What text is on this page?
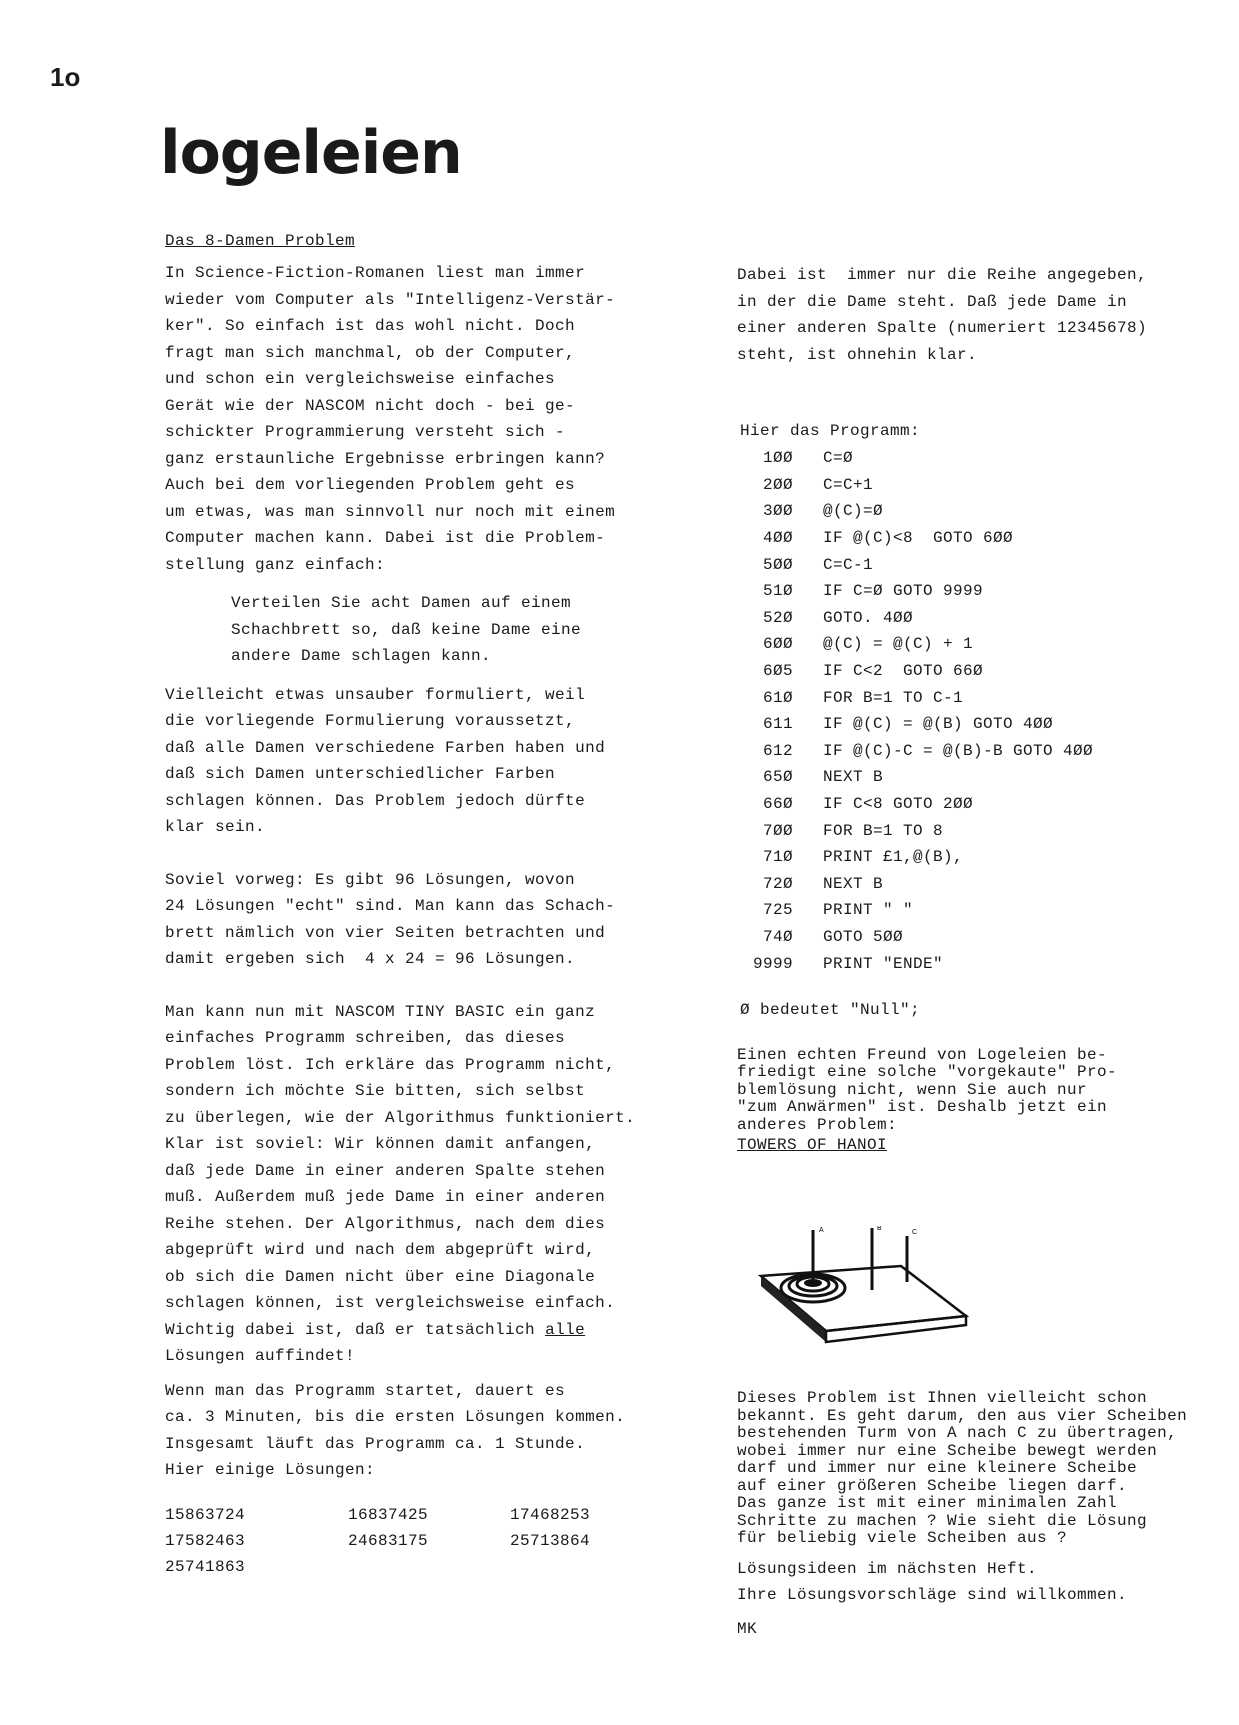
1o
logeleien
Das 8-Damen Problem
In Science-Fiction-Romanen liest man immer
wieder vom Computer als "Intelligenz-Verstär-
ker". So einfach ist das wohl nicht. Doch
fragt man sich manchmal, ob der Computer,
und schon ein vergleichsweise einfaches
Gerät wie der NASCOM nicht doch - bei ge-
schickter Programmierung versteht sich -
ganz erstaunliche Ergebnisse erbringen kann?
Auch bei dem vorliegenden Problem geht es
um etwas, was man sinnvoll nur noch mit einem
Computer machen kann. Dabei ist die Problem-
stellung ganz einfach:
Verteilen Sie acht Damen auf einem
Schachbrett so, daß keine Dame eine
andere Dame schlagen kann.
Vielleicht etwas unsauber formuliert, weil
die vorliegende Formulierung voraussetzt,
daß alle Damen verschiedene Farben haben und
daß sich Damen unterschiedlicher Farben
schlagen können. Das Problem jedoch dürfte
klar sein.
Soviel vorweg: Es gibt 96 Lösungen, wovon
24 Lösungen "echt" sind. Man kann das Schach-
brett nämlich von vier Seiten betrachten und
damit ergeben sich  4 x 24 = 96 Lösungen.
Man kann nun mit NASCOM TINY BASIC ein ganz
einfaches Programm schreiben, das dieses
Problem löst. Ich erkläre das Programm nicht,
sondern ich möchte Sie bitten, sich selbst
zu überlegen, wie der Algorithmus funktioniert.
Klar ist soviel: Wir können damit anfangen,
daß jede Dame in einer anderen Spalte stehen
muß. Außerdem muß jede Dame in einer anderen
Reihe stehen. Der Algorithmus, nach dem dies
abgeprüft wird und nach dem abgeprüft wird,
ob sich die Damen nicht über eine Diagonale
schlagen können, ist vergleichsweise einfach.
Wichtig dabei ist, daß er tatsächlich alle
Lösungen auffindet!
Wenn man das Programm startet, dauert es
ca. 3 Minuten, bis die ersten Lösungen kommen.
Insgesamt läuft das Programm ca. 1 Stunde.
Hier einige Lösungen:
15863724	16837425	17468253
17582463	24683175	25713864
25741863
Dabei ist  immer nur die Reihe angegeben,
in der die Dame steht. Daß jede Dame in
einer anderen Spalte (numeriert 12345678)
steht, ist ohnehin klar.
Hier das Programm:
1ØØ	C=Ø
2ØØ	C=C+1
3ØØ	@(C)=Ø
4ØØ	IF @(C)<8  GOTO 6ØØ
5ØØ	C=C-1
51Ø	IF C=Ø GOTO 9999
52Ø	GOTO. 4ØØ
6ØØ	@(C) = @(C) + 1
6Ø5	IF C<2  GOTO 66Ø
61Ø	FOR B=1 TO C-1
611	IF @(C) = @(B) GOTO 4ØØ
612	IF @(C)-C = @(B)-B GOTO 4ØØ
65Ø	NEXT B
66Ø	IF C<8 GOTO 2ØØ
7ØØ	FOR B=1 TO 8
71Ø	PRINT £1,@(B),
72Ø	NEXT B
725	PRINT " "
74Ø	GOTO 5ØØ
9999	PRINT "ENDE"
Ø bedeutet "Null";
Einen echten Freund von Logeleien be-
friedigt eine solche "vorgekaute" Pro-
blemlösung nicht, wenn Sie auch nur
"zum Anwärmen" ist. Deshalb jetzt ein
anderes Problem:
TOWERS OF HANOI
A	B
C
Dieses Problem ist Ihnen vielleicht schon
bekannt. Es geht darum, den aus vier Scheiben
bestehenden Turm von A nach C zu übertragen,
wobei immer nur eine Scheibe bewegt werden
darf und immer nur eine kleinere Scheibe
auf einer größeren Scheibe liegen darf.
Das ganze ist mit einer minimalen Zahl
Schritte zu machen ? Wie sieht die Lösung
für beliebig viele Scheiben aus ?
Lösungsideen im nächsten Heft.
Ihre Lösungsvorschläge sind willkommen.
MK
